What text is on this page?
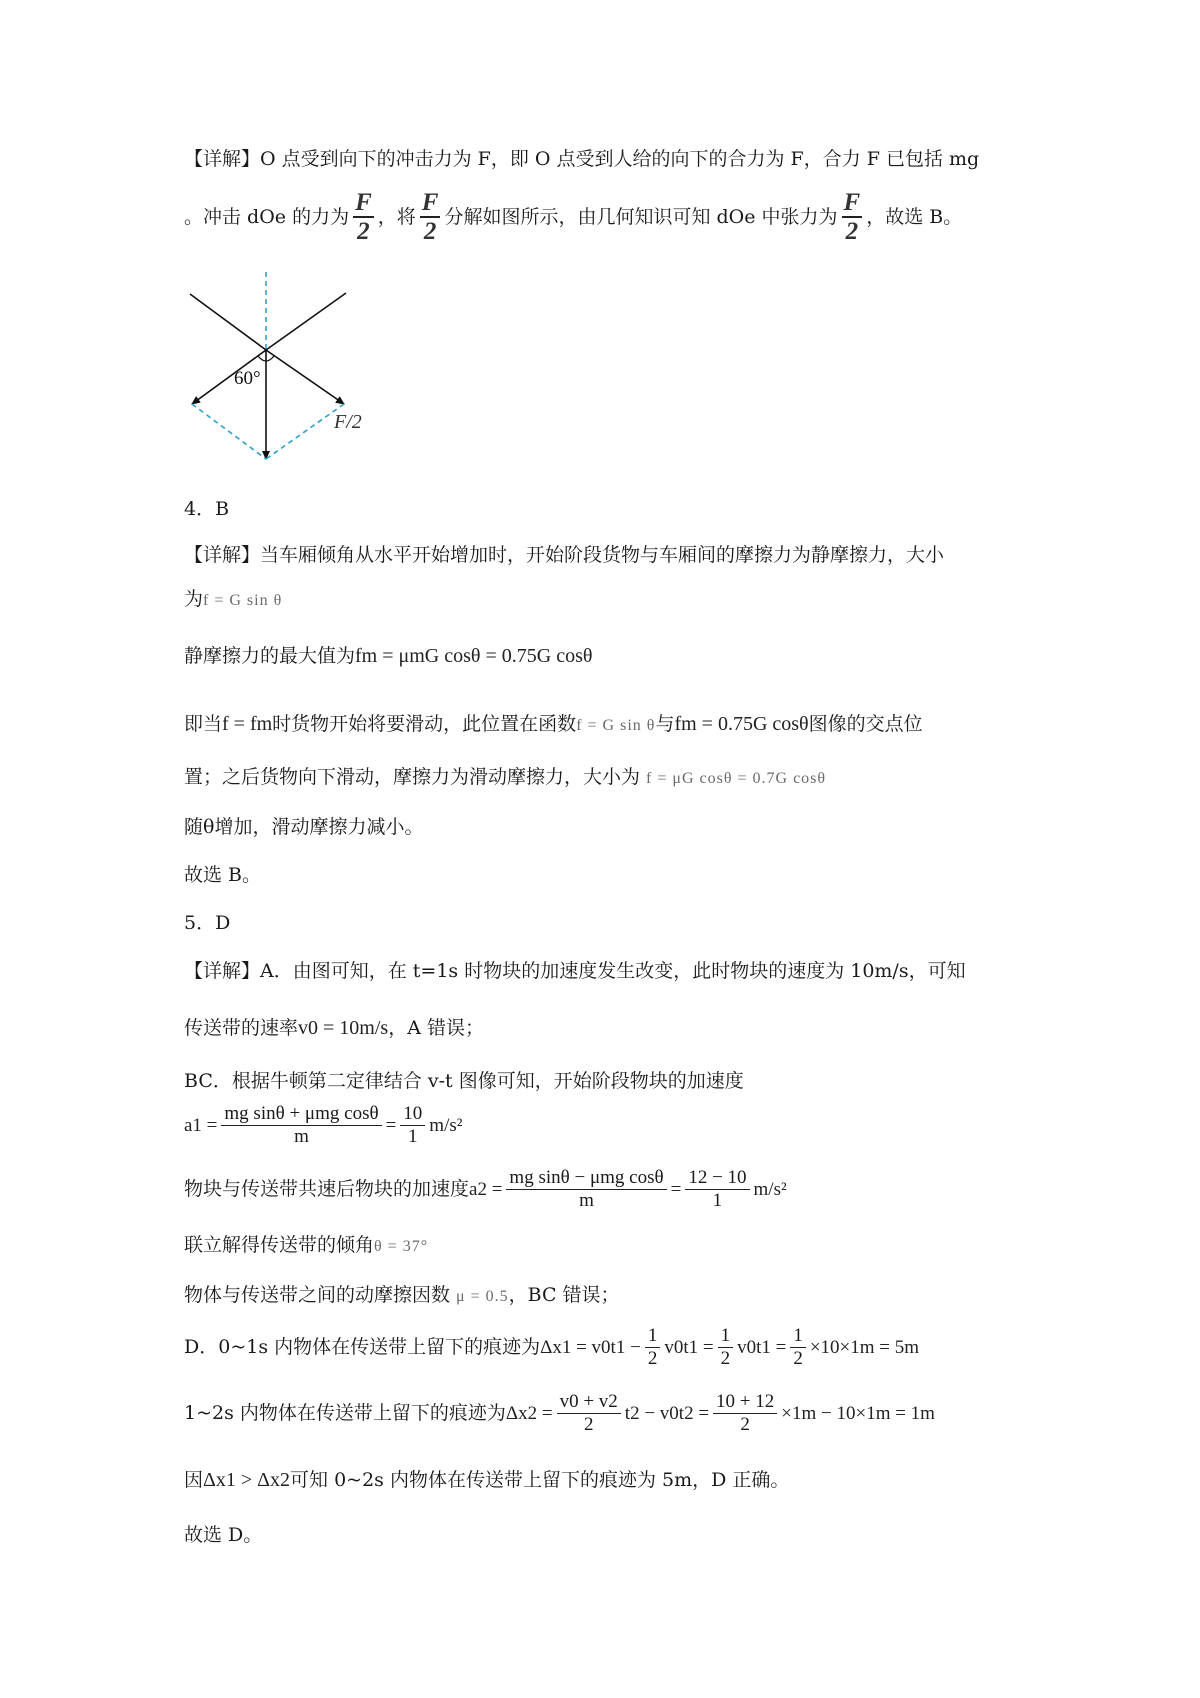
【详解】O 点受到向下的冲击力为 F，即 O 点受到人给的向下的合力为 F，合力 F 已包括 mg
。冲击 dOe 的力为 $\frac{F}{2}$ ，将 $\frac{F}{2}$ 分解如图所示，由几何知识可知 dOe 中张力为 $\frac{F}{2}$ ，故选 B。
60°
F/2
4．B
【详解】当车厢倾角从水平开始增加时，开始阶段货物与车厢间的摩擦力为静摩擦力，大小
为f = G sin θ
静摩擦力的最大值为fm = μmG cosθ = 0.75G cosθ
即当f = fm时货物开始将要滑动，此位置在函数f = G sin θ与fm = 0.75G cosθ图像的交点位
置；之后货物向下滑动，摩擦力为滑动摩擦力，大小为 f = μG cosθ = 0.7G cosθ
随θ增加，滑动摩擦力减小。
故选 B。
5．D
【详解】A．由图可知，在 t=1s 时物块的加速度发生改变，此时物块的速度为 10m/s，可知
传送带的速率v0 = 10m/s，A 错误；
BC．根据牛顿第二定律结合 v-t 图像可知，开始阶段物块的加速度
$a1 = \frac{\text{mg sinθ + μmg cosθ}}{m} = \frac{10}{1} m/s^2$
物块与传送带共速后物块的加速度 $a2 = \frac{\text{mg sinθ − μmg cosθ}}{m} = \frac{12 - 10}{1} m/s^2$
联立解得传送带的倾角θ = 37°
物体与传送带之间的动摩擦因数 μ = 0.5，BC 错误；
D．0~1s 内物体在传送带上留下的痕迹为 $\Delta x1 = v0t1 - \frac{1}{2} v0t1 = \frac{1}{2} v0t1 = \frac{1}{2} \times 10\times 1m = 5m$
1~2s 内物体在传送带上留下的痕迹为 $\Delta x2 = \frac{v0 + v2}{2} t2 - v0t2 = \frac{10 + 12}{2} \times 1m - 10\times 1m = 1m$
因Δx1 > Δx2可知 0~2s 内物体在传送带上留下的痕迹为 5m，D 正确。
故选 D。
